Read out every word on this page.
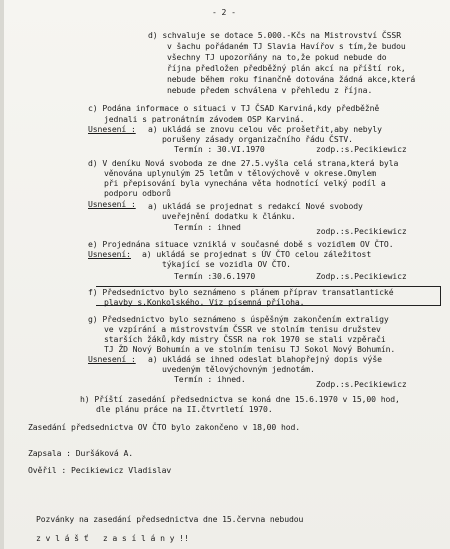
- 2 -
d) schvaluje se dotace 5.000.-Kčs na Mistrovství ČSSR
v šachu pořádaném TJ Slavia Havířov s tím,že budou
všechny TJ upozorňány na to,že pokud nebude do
října předložen předběžný plán akcí na příští rok,
nebude během roku finančně dotována žádná akce,která
nebude předem schválena v přehledu z října.
c) Podána informace o situaci v TJ ČSAD Karviná,kdy předběžně
jednali s patronátním závodem OSP Karviná.
Usnesení : a) ukládá se znovu celou věc prošetřit,aby nebyly
porušeny zásady organizačního řádu ČSTV.
Termín : 30.VI.1970	zodp.:s.Pecikiewicz
d) V deníku Nová svoboda ze dne 27.5.vyšla celá strana,která byla
věnována uplynulým 25 letům v tělovýchově v okrese.Omylem
při přepisování byla vynechána věta hodnotící velký podíl a
podporu odborů
Usnesení : a) ukládá se projednat s redakcí Nové svobody
uveřejnění dodatku k článku.
Termín : ihned	zodp.:s.Pecikiewicz
e) Projednána situace vzniklá v současné době s vozidlem OV ČTO.
Usnesení: a) ukládá se projednat s ÚV ČTO celou záležitost
týkající se vozidla OV ČTO.
Termín :30.6.1970	Zodp.:s.Pecikiewicz
f) Předsednictvo bylo seznámeno s plánem příprav transatlantické
plavby s.Konkolského. Viz písemná příloha.
g) Předsednictvo bylo seznámeno s úspěšným zakončením extraligy
ve vzpírání a mistrovstvím ČSSR ve stolním tenisu družstev
starších žáků,kdy mistry ČSSR na rok 1970 se stali vzpěrači
TJ ŽD Nový Bohumín a ve stolním tenisu TJ Sokol Nový Bohumín.
Usnesení : a) ukládá se ihned odeslat blahopřejný dopis výše
uvedeným tělovýchovným jednotám.
Termín : ihned.	Zodp.:s.Pecikiewicz
h) Příští zasedání předsednictva se koná dne 15.6.1970 v 15,00 hod,
dle plánu práce na II.čtvrtletí 1970.
Zasedání předsednictva OV ČTO bylo zakončeno v 18,00 hod.
Zapsala : Duršáková A.
Ověřil : Pecikiewicz Vladislav
Pozvánky na zasedání předsednictva dne 15.června nebudou
z v l á š ť   z a s í l á n y !!
